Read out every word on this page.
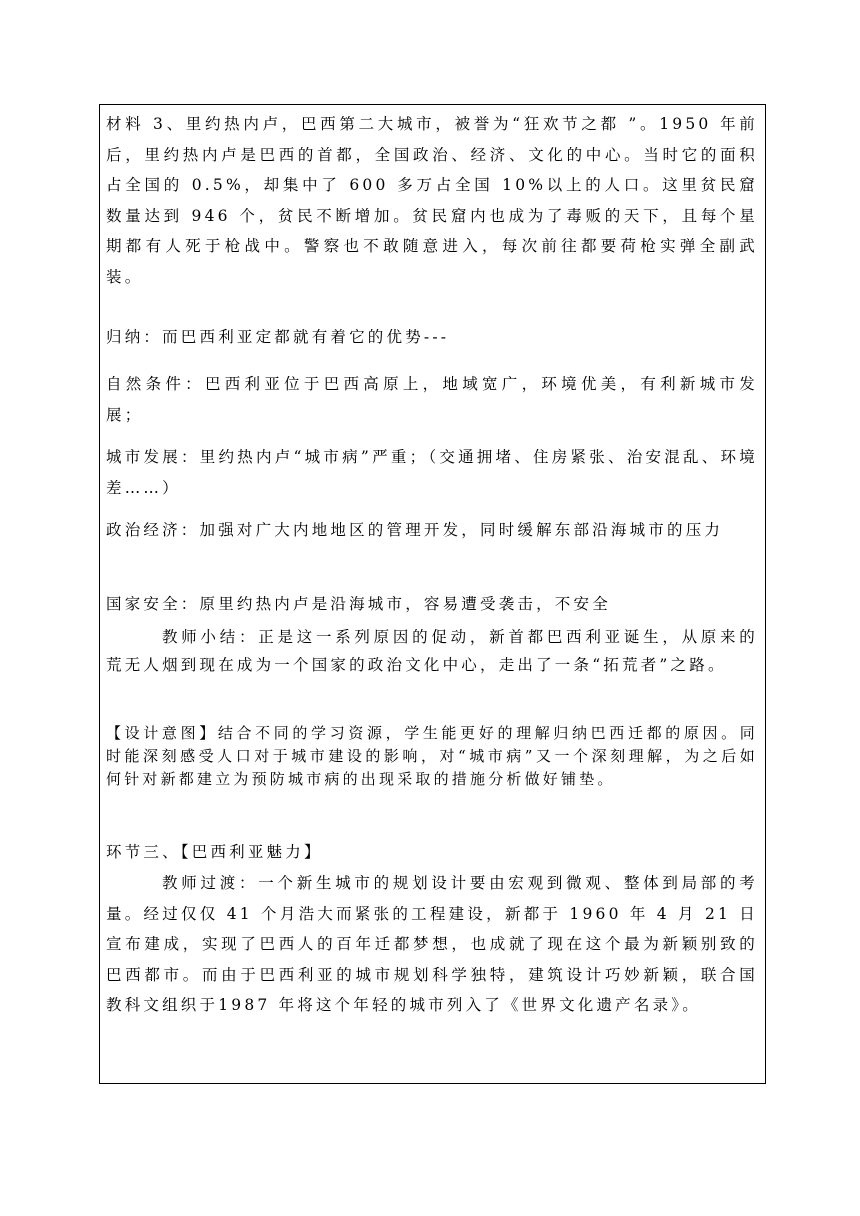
材料 3、里约热内卢，巴西第二大城市，被誉为“狂欢节之都 ”。1950 年前后，里约热内卢是巴西的首都，全国政治、经济、文化的中心。当时它的面积占全国的 0.5%，却集中了 600 多万占全国 10%以上的人口。这里贫民窟数量达到 946 个，贫民不断增加。贫民窟内也成为了毒贩的天下，且每个星期都有人死于枪战中。警察也不敢随意进入，每次前往都要荷枪实弹全副武装。

归纳：而巴西利亚定都就有着它的优势---

自然条件：巴西利亚位于巴西高原上，地域宽广，环境优美，有利新城市发展；

城市发展：里约热内卢“城市病”严重；（交通拥堵、住房紧张、治安混乱、环境差……）

政治经济：加强对广大内地地区的管理开发，同时缓解东部沿海城市的压力

国家安全：原里约热内卢是沿海城市，容易遭受袭击，不安全

教师小结：正是这一系列原因的促动，新首都巴西利亚诞生，从原来的荒无人烟到现在成为一个国家的政治文化中心，走出了一条“拓荒者”之路。

【设计意图】结合不同的学习资源，学生能更好的理解归纳巴西迁都的原因。同时能深刻感受人口对于城市建设的影响，对“城市病”又一个深刻理解，为之后如何针对新都建立为预防城市病的出现采取的措施分析做好铺垫。

环节三、【巴西利亚魅力】

教师过渡：一个新生城市的规划设计要由宏观到微观、整体到局部的考量。经过仅仅 41 个月浩大而紧张的工程建设，新都于 1960 年 4 月 21 日宣布建成，实现了巴西人的百年迁都梦想，也成就了现在这个最为新颖别致的巴西都市。而由于巴西利亚的城市规划科学独特，建筑设计巧妙新颖，联合国教科文组织于1987 年将这个年轻的城市列入了《世界文化遗产名录》。
